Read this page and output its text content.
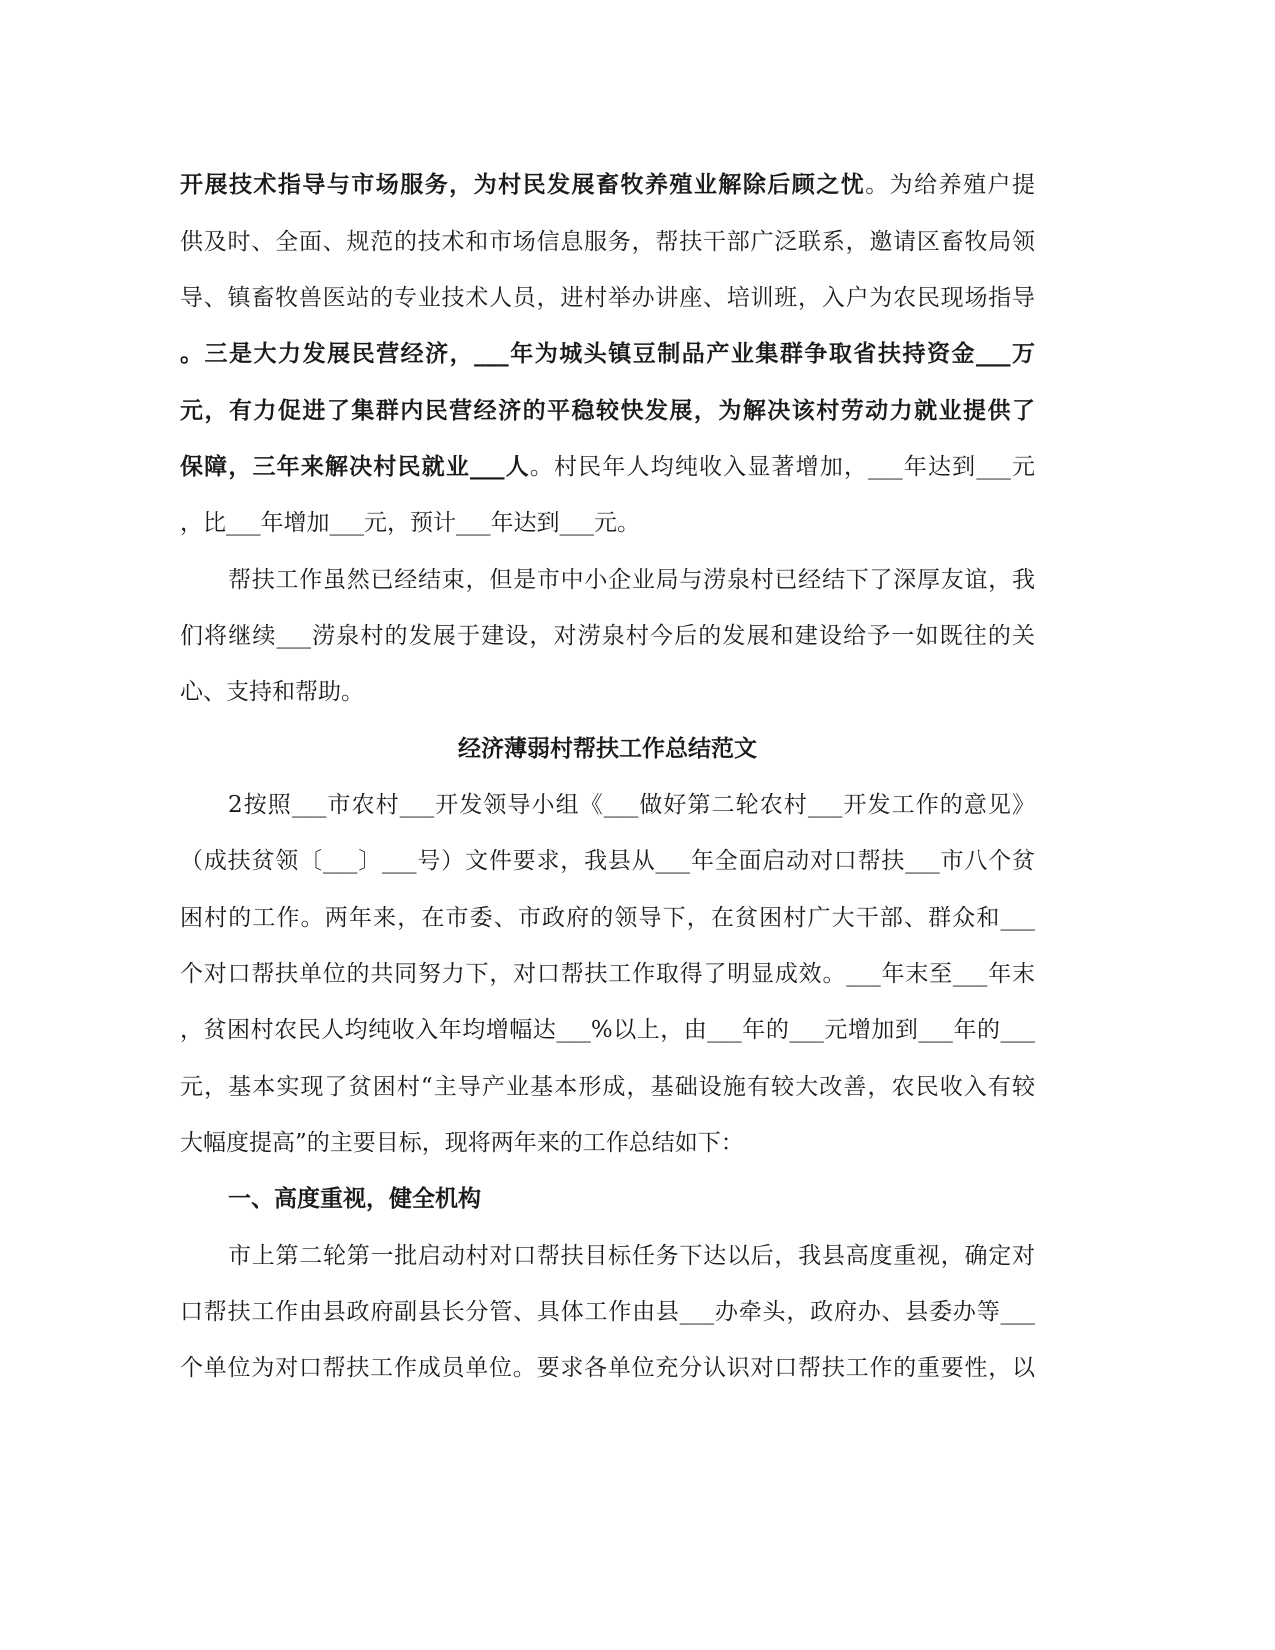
开展技术指导与市场服务，为村民发展畜牧养殖业解除后顾之忧。为给养殖户提
供及时、全面、规范的技术和市场信息服务，帮扶干部广泛联系，邀请区畜牧局领
导、镇畜牧兽医站的专业技术人员，进村举办讲座、培训班，入户为农民现场指导
。三是大力发展民营经济，___年为城头镇豆制品产业集群争取省扶持资金___万
元，有力促进了集群内民营经济的平稳较快发展，为解决该村劳动力就业提供了
保障，三年来解决村民就业___人。村民年人均纯收入显著增加，___年达到___元
，比___年增加___元，预计___年达到___元。
帮扶工作虽然已经结束，但是市中小企业局与涝泉村已经结下了深厚友谊，我
们将继续___涝泉村的发展于建设，对涝泉村今后的发展和建设给予一如既往的关
心、支持和帮助。
经济薄弱村帮扶工作总结范文
2按照___市农村___开发领导小组《___做好第二轮农村___开发工作的意见》
（成扶贫领〔___〕___号）文件要求，我县从___年全面启动对口帮扶___市八个贫
困村的工作。两年来，在市委、市政府的领导下，在贫困村广大干部、群众和___
个对口帮扶单位的共同努力下，对口帮扶工作取得了明显成效。___年末至___年末
，贫困村农民人均纯收入年均增幅达___%以上，由___年的___元增加到___年的___
元，基本实现了贫困村“主导产业基本形成，基础设施有较大改善，农民收入有较
大幅度提高”的主要目标，现将两年来的工作总结如下：
一、高度重视，健全机构
市上第二轮第一批启动村对口帮扶目标任务下达以后，我县高度重视，确定对
口帮扶工作由县政府副县长分管、具体工作由县___办牵头，政府办、县委办等___
个单位为对口帮扶工作成员单位。要求各单位充分认识对口帮扶工作的重要性，以
